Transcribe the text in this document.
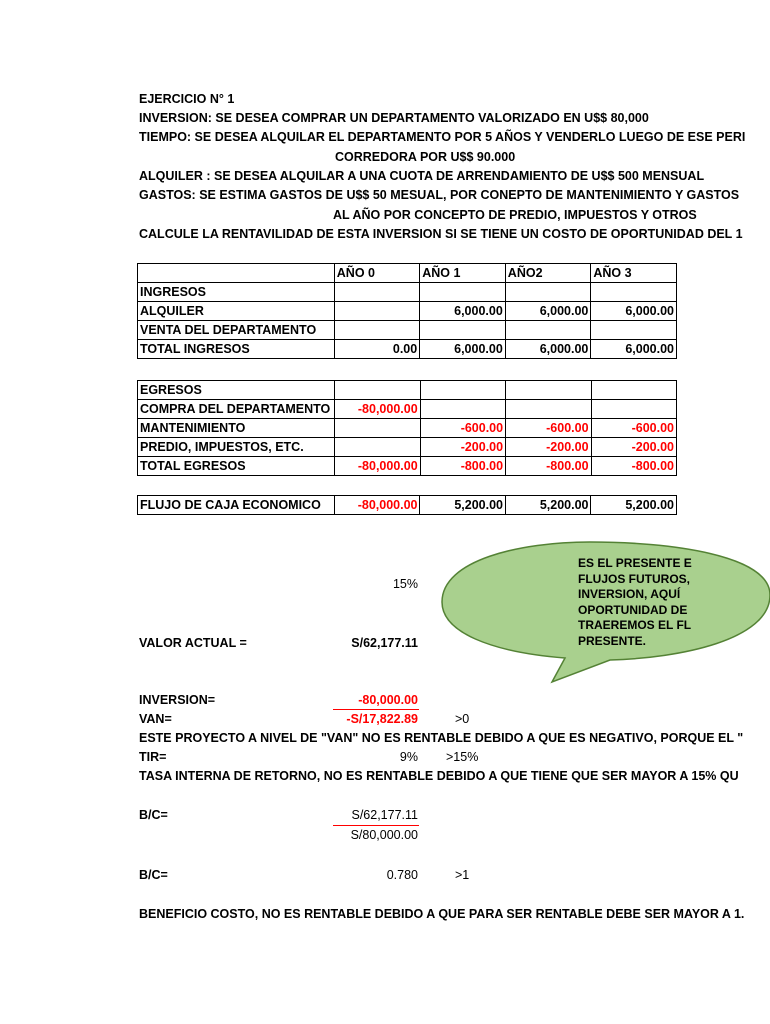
EJERCICIO N° 1
INVERSION: SE DESEA COMPRAR UN DEPARTAMENTO VALORIZADO EN U$$ 80,000
TIEMPO: SE DESEA ALQUILAR EL DEPARTAMENTO POR 5 AÑOS Y VENDERLO LUEGO DE ESE PERI
CORREDORA POR U$$ 90.000
ALQUILER : SE DESEA ALQUILAR A UNA CUOTA DE ARRENDAMIENTO DE U$$ 500 MENSUAL
GASTOS: SE ESTIMA GASTOS DE U$$ 50 MESUAL, POR CONEPTO DE MANTENIMIENTO Y GASTOS
AL AÑO POR CONCEPTO DE PREDIO, IMPUESTOS Y OTROS
CALCULE LA RENTAVILIDAD DE ESTA INVERSION SI SE TIENE UN COSTO DE OPORTUNIDAD DEL 1
	AÑO 0	AÑO 1	AÑO2	AÑO 3
INGRESOS				
ALQUILER		6,000.00	6,000.00	6,000.00
VENTA DEL DEPARTAMENTO				
TOTAL INGRESOS	0.00	6,000.00	6,000.00	6,000.00
EGRESOS				
COMPRA DEL DEPARTAMENTO	-80,000.00			
MANTENIMIENTO		-600.00	-600.00	-600.00
PREDIO, IMPUESTOS, ETC.		-200.00	-200.00	-200.00
TOTAL EGRESOS	-80,000.00	-800.00	-800.00	-800.00
FLUJO DE CAJA ECONOMICO	-80,000.00	5,200.00	5,200.00	5,200.00
ES EL PRESENTE E
FLUJOS FUTUROS,
INVERSION, AQUÍ
OPORTUNIDAD DE
TRAEREMOS EL FL
PRESENTE.
15%
VALOR ACTUAL =	S/62,177.11
INVERSION=	-80,000.00
VAN=	-S/17,822.89	>0
ESTE PROYECTO A NIVEL DE "VAN" NO ES RENTABLE DEBIDO A QUE ES NEGATIVO, PORQUE EL "
TIR=	9% >15%
TASA INTERNA DE RETORNO, NO ES RENTABLE DEBIDO A QUE TIENE QUE SER MAYOR A 15% QU
B/C=	S/62,177.11
S/80,000.00
B/C=	0.780	>1
BENEFICIO COSTO, NO ES RENTABLE DEBIDO A QUE PARA SER RENTABLE DEBE SER MAYOR A 1.
